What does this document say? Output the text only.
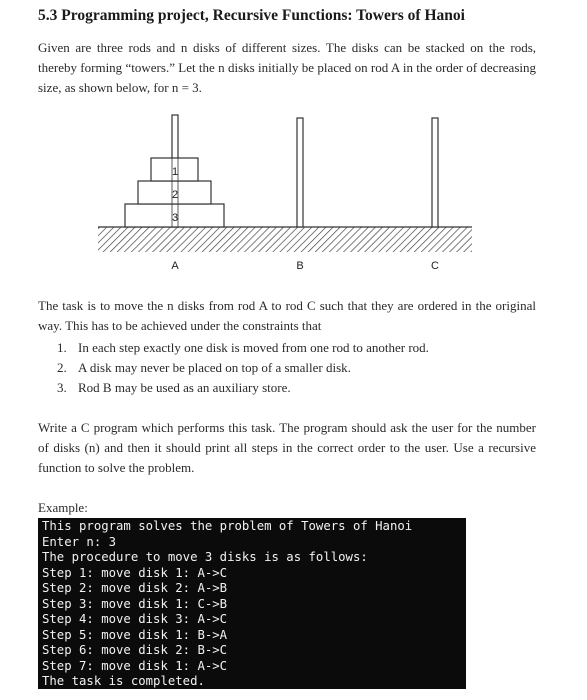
5.3 Programming project, Recursive Functions: Towers of Hanoi
Given are three rods and n disks of different sizes. The disks can be stacked on the rods, thereby forming “towers.” Let the n disks initially be placed on rod A in the order of decreasing size, as shown below, for n = 3.
1
2
3
A	B	C
The task is to move the n disks from rod A to rod C such that they are ordered in the original way. This has to be achieved under the constraints that
1. In each step exactly one disk is moved from one rod to another rod.
2. A disk may never be placed on top of a smaller disk.
3. Rod B may be used as an auxiliary store.
Write a C program which performs this task. The program should ask the user for the number of disks (n) and then it should print all steps in the correct order to the user. Use a recursive function to solve the problem.
Example:
This program solves the problem of Towers of Hanoi
Enter n: 3
The procedure to move 3 disks is as follows:
Step 1: move disk 1: A->C
Step 2: move disk 2: A->B
Step 3: move disk 1: C->B
Step 4: move disk 3: A->C
Step 5: move disk 1: B->A
Step 6: move disk 2: B->C
Step 7: move disk 1: A->C
The task is completed.
